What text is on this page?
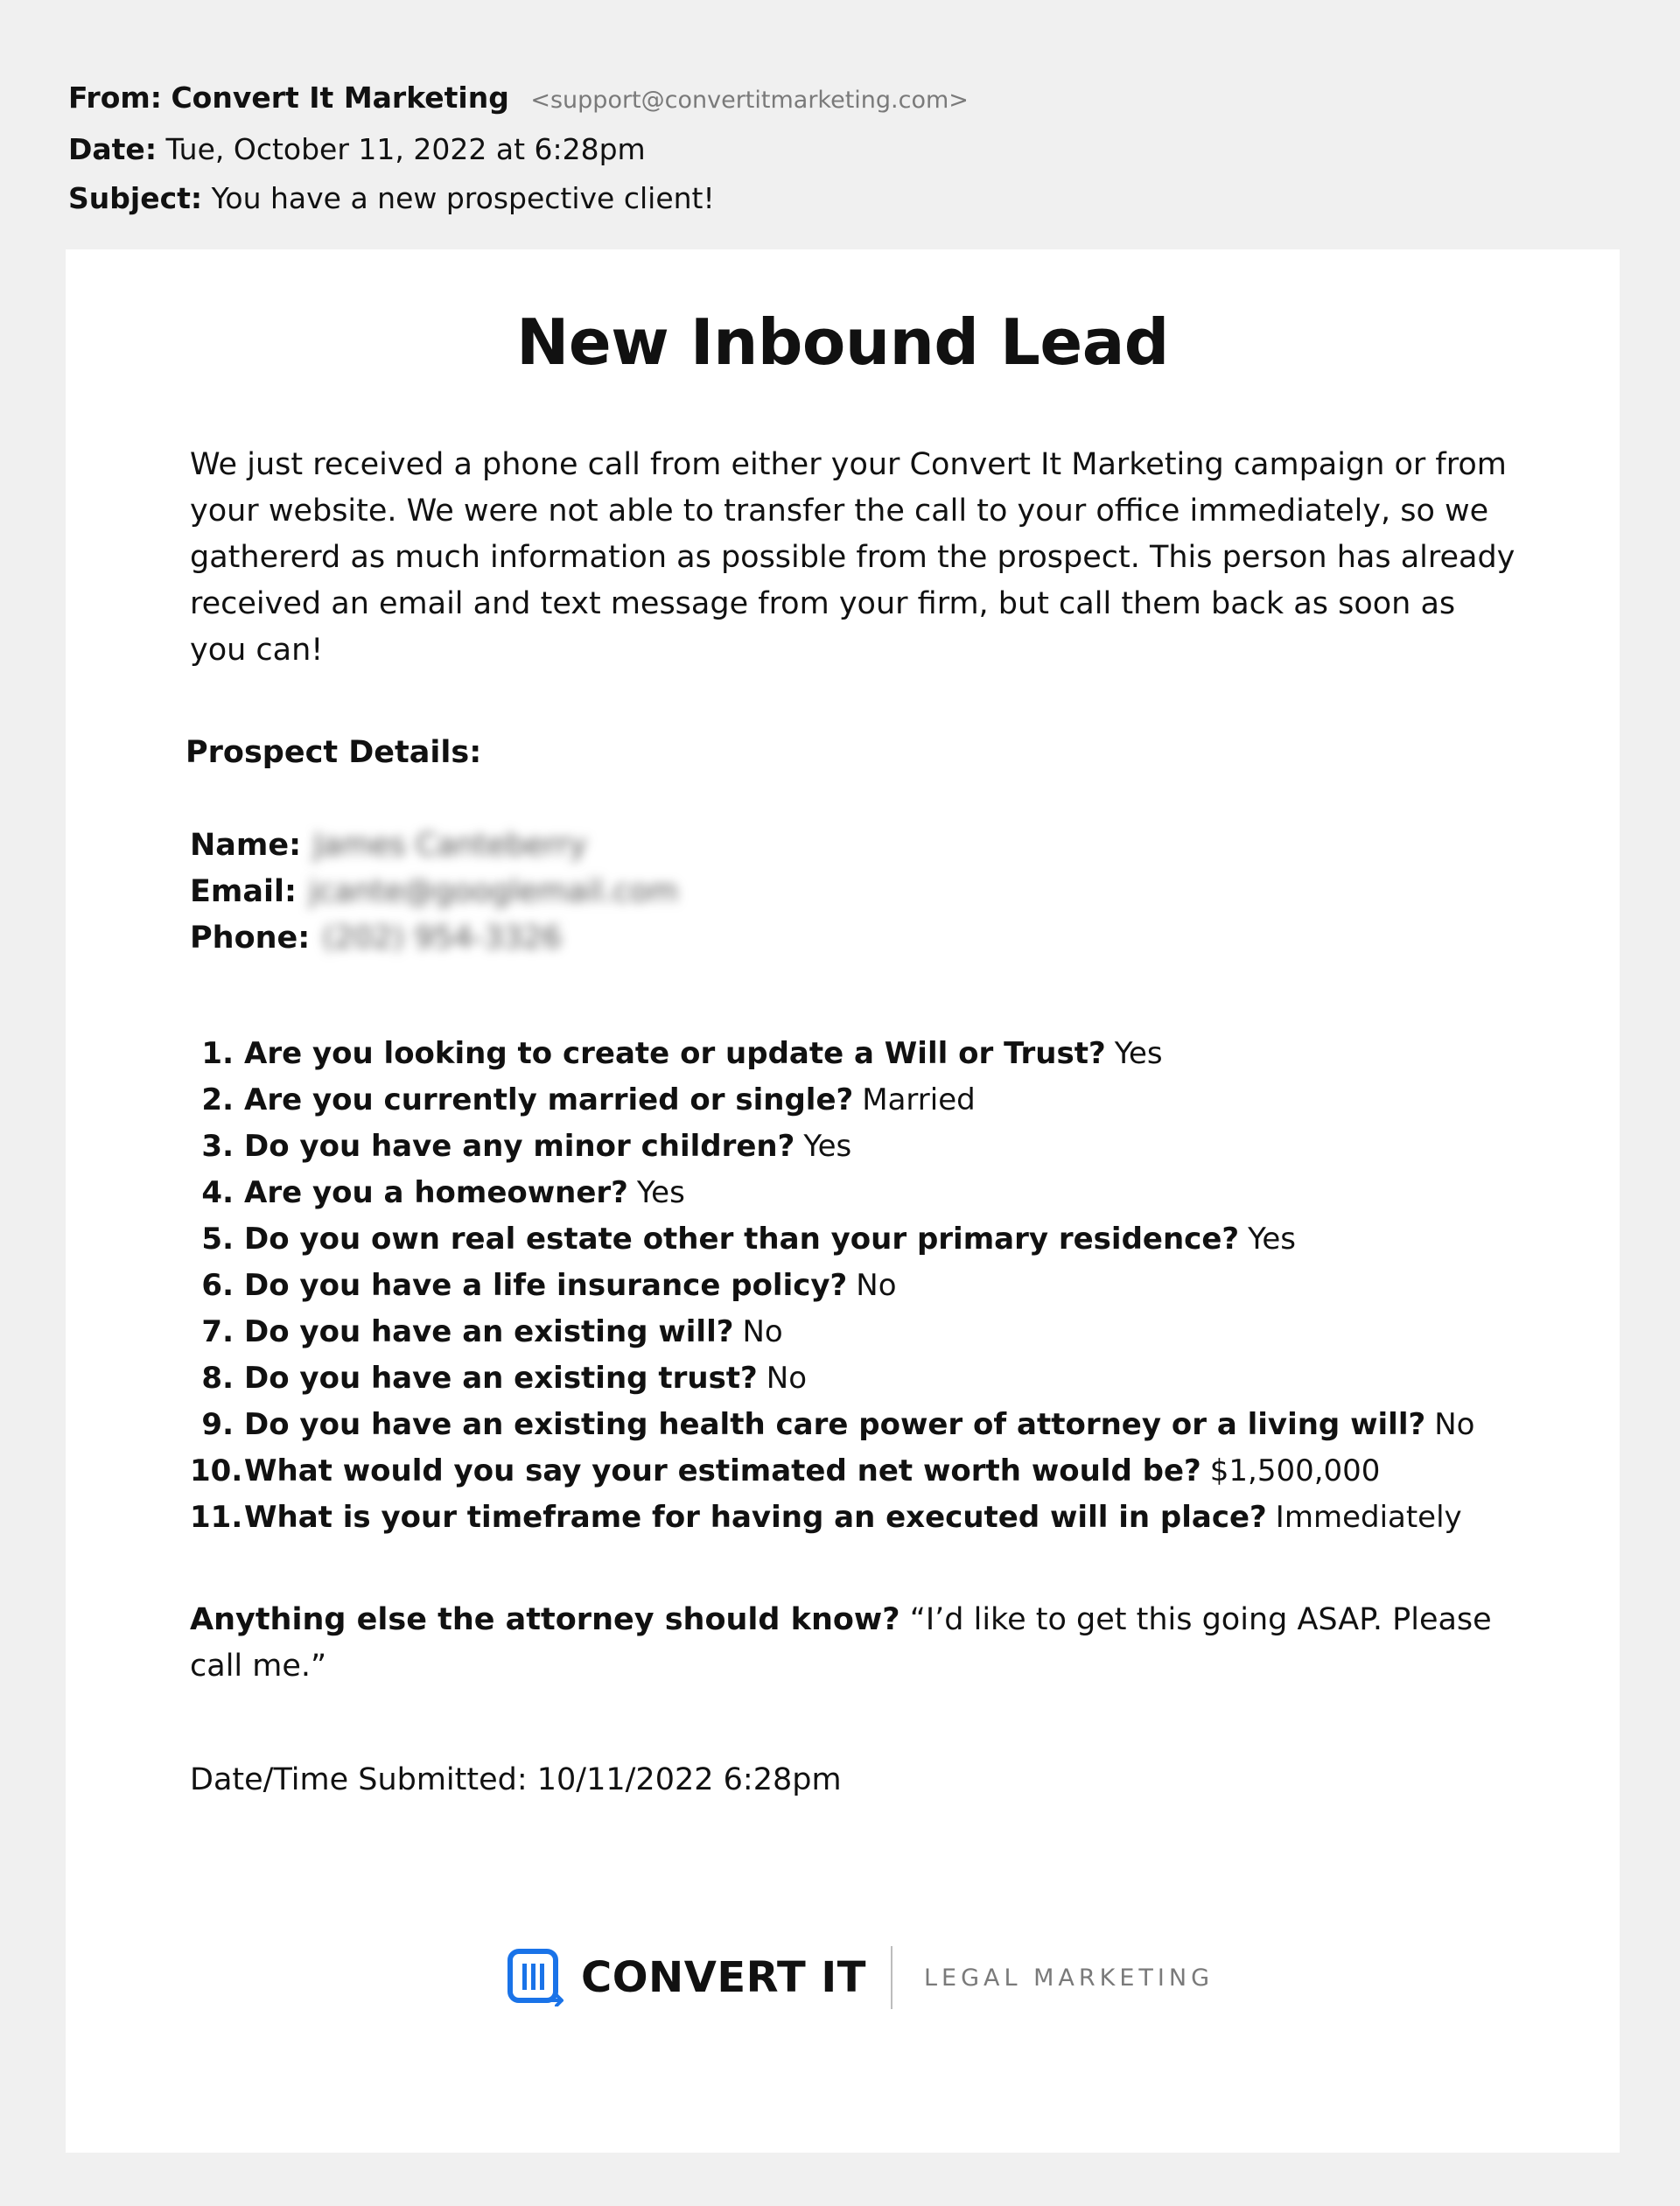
From: Convert It Marketing <support@convertitmarketing.com>
Date: Tue, October 11, 2022 at 6:28pm
Subject: You have a new prospective client!
New Inbound Lead

We just received a phone call from either your Convert It Marketing campaign or from your website. We were not able to transfer the call to your office immediately, so we gathererd as much information as possible from the prospect. This person has already received an email and text message from your firm, but call them back as soon as you can!

Prospect Details:

Name: James Canteberry
Email: jcante@googlemail.com
Phone: (202) 954-3326
1. Are you looking to create or update a Will or Trust? Yes
2. Are you currently married or single? Married
3. Do you have any minor children? Yes
4. Are you a homeowner? Yes
5. Do you own real estate other than your primary residence? Yes
6. Do you have a life insurance policy? No
7. Do you have an existing will? No
8. Do you have an existing trust? No
9. Do you have an existing health care power of attorney or a living will? No
10. What would you say your estimated net worth would be? $1,500,000
11. What is your timeframe for having an executed will in place? Immediately

Anything else the attorney should know? “I’d like to get this going ASAP. Please call me.”

Date/Time Submitted: 10/11/2022 6:28pm

CONVERT IT LEGAL MARKETING
